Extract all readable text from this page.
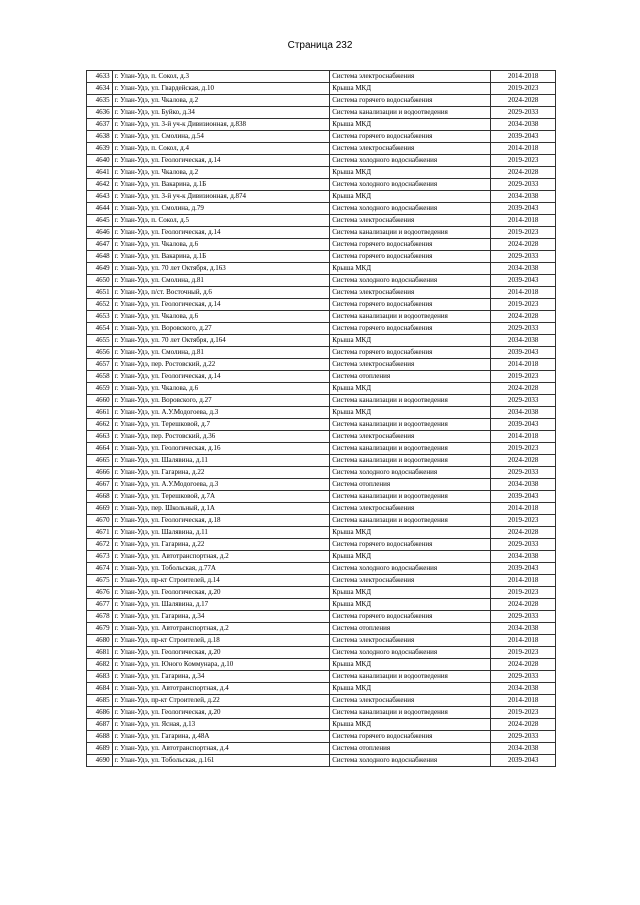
Страница 232
4633	г. Улан-Удэ, п. Сокол, д.3	Система электроснабжения	2014-2018
4634	г. Улан-Удэ, ул. Гвардейская, д.10	Крыша МКД	2019-2023
4635	г. Улан-Удэ, ул. Чкалова, д.2	Система горячего водоснабжения	2024-2028
4636	г. Улан-Удэ, ул. Буйко, д.34	Система канализации и водоотведения	2029-2033
4637	г. Улан-Удэ, ул. 3-й уч-к Дивизионная, д.838	Крыша МКД	2034-2038
4638	г. Улан-Удэ, ул. Смолина, д.54	Система горячего водоснабжения	2039-2043
4639	г. Улан-Удэ, п. Сокол, д.4	Система электроснабжения	2014-2018
4640	г. Улан-Удэ, ул. Геологическая, д.14	Система холодного водоснабжения	2019-2023
4641	г. Улан-Удэ, ул. Чкалова, д.2	Крыша МКД	2024-2028
4642	г. Улан-Удэ, ул. Вакарина, д.1Б	Система холодного водоснабжения	2029-2033
4643	г. Улан-Удэ, ул. 3-й уч-к Дивизионная, д.874	Крыша МКД	2034-2038
4644	г. Улан-Удэ, ул. Смолина, д.79	Система холодного водоснабжения	2039-2043
4645	г. Улан-Удэ, п. Сокол, д.5	Система электроснабжения	2014-2018
4646	г. Улан-Удэ, ул. Геологическая, д.14	Система канализации и водоотведения	2019-2023
4647	г. Улан-Удэ, ул. Чкалова, д.6	Система горячего водоснабжения	2024-2028
4648	г. Улан-Удэ, ул. Вакарина, д.1Б	Система горячего водоснабжения	2029-2033
4649	г. Улан-Удэ, ул. 70 лет Октября, д.163	Крыша МКД	2034-2038
4650	г. Улан-Удэ, ул. Смолина, д.81	Система холодного водоснабжения	2039-2043
4651	г. Улан-Удэ, п/ст. Восточный, д.6	Система электроснабжения	2014-2018
4652	г. Улан-Удэ, ул. Геологическая, д.14	Система горячего водоснабжения	2019-2023
4653	г. Улан-Удэ, ул. Чкалова, д.6	Система канализации и водоотведения	2024-2028
4654	г. Улан-Удэ, ул. Воровского, д.27	Система горячего водоснабжения	2029-2033
4655	г. Улан-Удэ, ул. 70 лет Октября, д.164	Крыша МКД	2034-2038
4656	г. Улан-Удэ, ул. Смолина, д.81	Система горячего водоснабжения	2039-2043
4657	г. Улан-Удэ, пер. Ростовский, д.22	Система электроснабжения	2014-2018
4658	г. Улан-Удэ, ул. Геологическая, д.14	Система отопления	2019-2023
4659	г. Улан-Удэ, ул. Чкалова, д.6	Крыша МКД	2024-2028
4660	г. Улан-Удэ, ул. Воровского, д.27	Система канализации и водоотведения	2029-2033
4661	г. Улан-Удэ, ул. А.У.Модогоева, д.3	Крыша МКД	2034-2038
4662	г. Улан-Удэ, ул. Терешковой, д.7	Система канализации и водоотведения	2039-2043
4663	г. Улан-Удэ, пер. Ростовский, д.36	Система электроснабжения	2014-2018
4664	г. Улан-Удэ, ул. Геологическая, д.16	Система канализации и водоотведения	2019-2023
4665	г. Улан-Удэ, ул. Шалявина, д.11	Система канализации и водоотведения	2024-2028
4666	г. Улан-Удэ, ул. Гагарина, д.22	Система холодного водоснабжения	2029-2033
4667	г. Улан-Удэ, ул. А.У.Модогоева, д.3	Система отопления	2034-2038
4668	г. Улан-Удэ, ул. Терешковой, д.7А	Система канализации и водоотведения	2039-2043
4669	г. Улан-Удэ, пер. Школьный, д.1А	Система электроснабжения	2014-2018
4670	г. Улан-Удэ, ул. Геологическая, д.18	Система канализации и водоотведения	2019-2023
4671	г. Улан-Удэ, ул. Шалявина, д.11	Крыша МКД	2024-2028
4672	г. Улан-Удэ, ул. Гагарина, д.22	Система горячего водоснабжения	2029-2033
4673	г. Улан-Удэ, ул. Автотранспортная, д.2	Крыша МКД	2034-2038
4674	г. Улан-Удэ, ул. Тобольская, д.77А	Система холодного водоснабжения	2039-2043
4675	г. Улан-Удэ, пр-кт Строителей, д.14	Система электроснабжения	2014-2018
4676	г. Улан-Удэ, ул. Геологическая, д.20	Крыша МКД	2019-2023
4677	г. Улан-Удэ, ул. Шалявина, д.17	Крыша МКД	2024-2028
4678	г. Улан-Удэ, ул. Гагарина, д.34	Система горячего водоснабжения	2029-2033
4679	г. Улан-Удэ, ул. Автотранспортная, д.2	Система отопления	2034-2038
4680	г. Улан-Удэ, пр-кт Строителей, д.18	Система электроснабжения	2014-2018
4681	г. Улан-Удэ, ул. Геологическая, д.20	Система холодного водоснабжения	2019-2023
4682	г. Улан-Удэ, ул. Юного Коммунара, д.10	Крыша МКД	2024-2028
4683	г. Улан-Удэ, ул. Гагарина, д.34	Система канализации и водоотведения	2029-2033
4684	г. Улан-Удэ, ул. Автотранспортная, д.4	Крыша МКД	2034-2038
4685	г. Улан-Удэ, пр-кт Строителей, д.22	Система электроснабжения	2014-2018
4686	г. Улан-Удэ, ул. Геологическая, д.20	Система канализации и водоотведения	2019-2023
4687	г. Улан-Удэ, ул. Ясная, д.13	Крыша МКД	2024-2028
4688	г. Улан-Удэ, ул. Гагарина, д.48А	Система горячего водоснабжения	2029-2033
4689	г. Улан-Удэ, ул. Автотранспортная, д.4	Система отопления	2034-2038
4690	г. Улан-Удэ, ул. Тобольская, д.161	Система холодного водоснабжения	2039-2043
